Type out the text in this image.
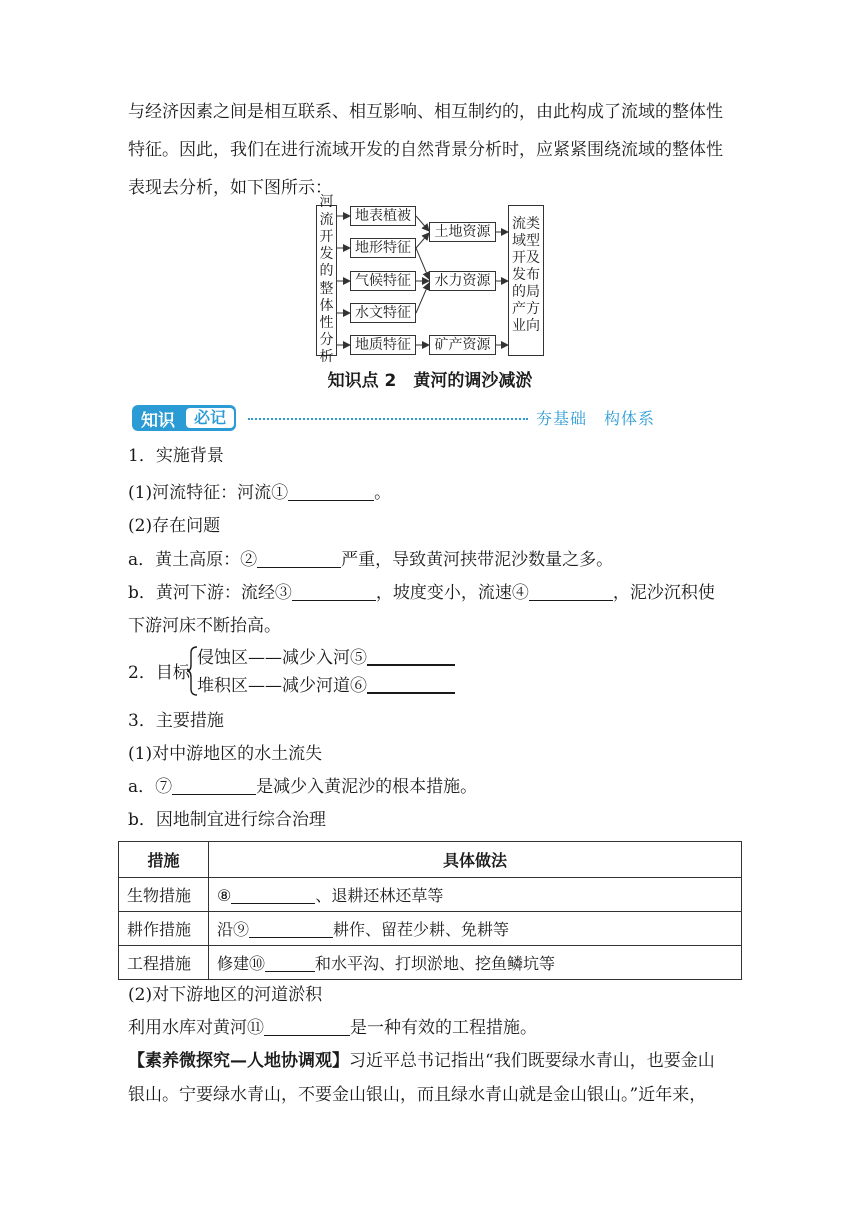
与经济因素之间是相互联系、相互影响、相互制约的，由此构成了流域的整体性
特征。因此，我们在进行流域开发的自然背景分析时，应紧紧围绕流域的整体性
表现去分析，如下图所示：
河
流
开
发
的
整
体
性
分
析
地表植被
地形特征
气候特征
水文特征
地质特征
土地资源
水力资源
矿产资源
流
域
开
发
的
产
业
类
型
及
布
局
方
向
知识点 2　黄河的调沙减淤
知识	必记	夯基础　构体系
1．实施背景
(1)河流特征：河流①	。
(2)存在问题
a．黄土高原：②	严重，导致黄河挟带泥沙数量之多。
b．黄河下游：流经③	，坡度变小，流速④	，泥沙沉积使
下游河床不断抬高。
2．目标
侵蚀区——减少入河⑤
堆积区——减少河道⑥
3．主要措施
(1)对中游地区的水土流失
a．⑦	是减少入黄泥沙的根本措施。
b．因地制宜进行综合治理
措施	具体做法
生物措施	⑧ 、退耕还林还草等
耕作措施	沿⑨ 耕作、留茬少耕、免耕等
工程措施	修建⑩ 和水平沟、打坝淤地、挖鱼鳞坑等
(2)对下游地区的河道淤积
利用水库对黄河⑪	是一种有效的工程措施。
【素养微探究—人地协调观】习近平总书记指出“我们既要绿水青山，也要金山
银山。宁要绿水青山，不要金山银山，而且绿水青山就是金山银山。”近年来，
